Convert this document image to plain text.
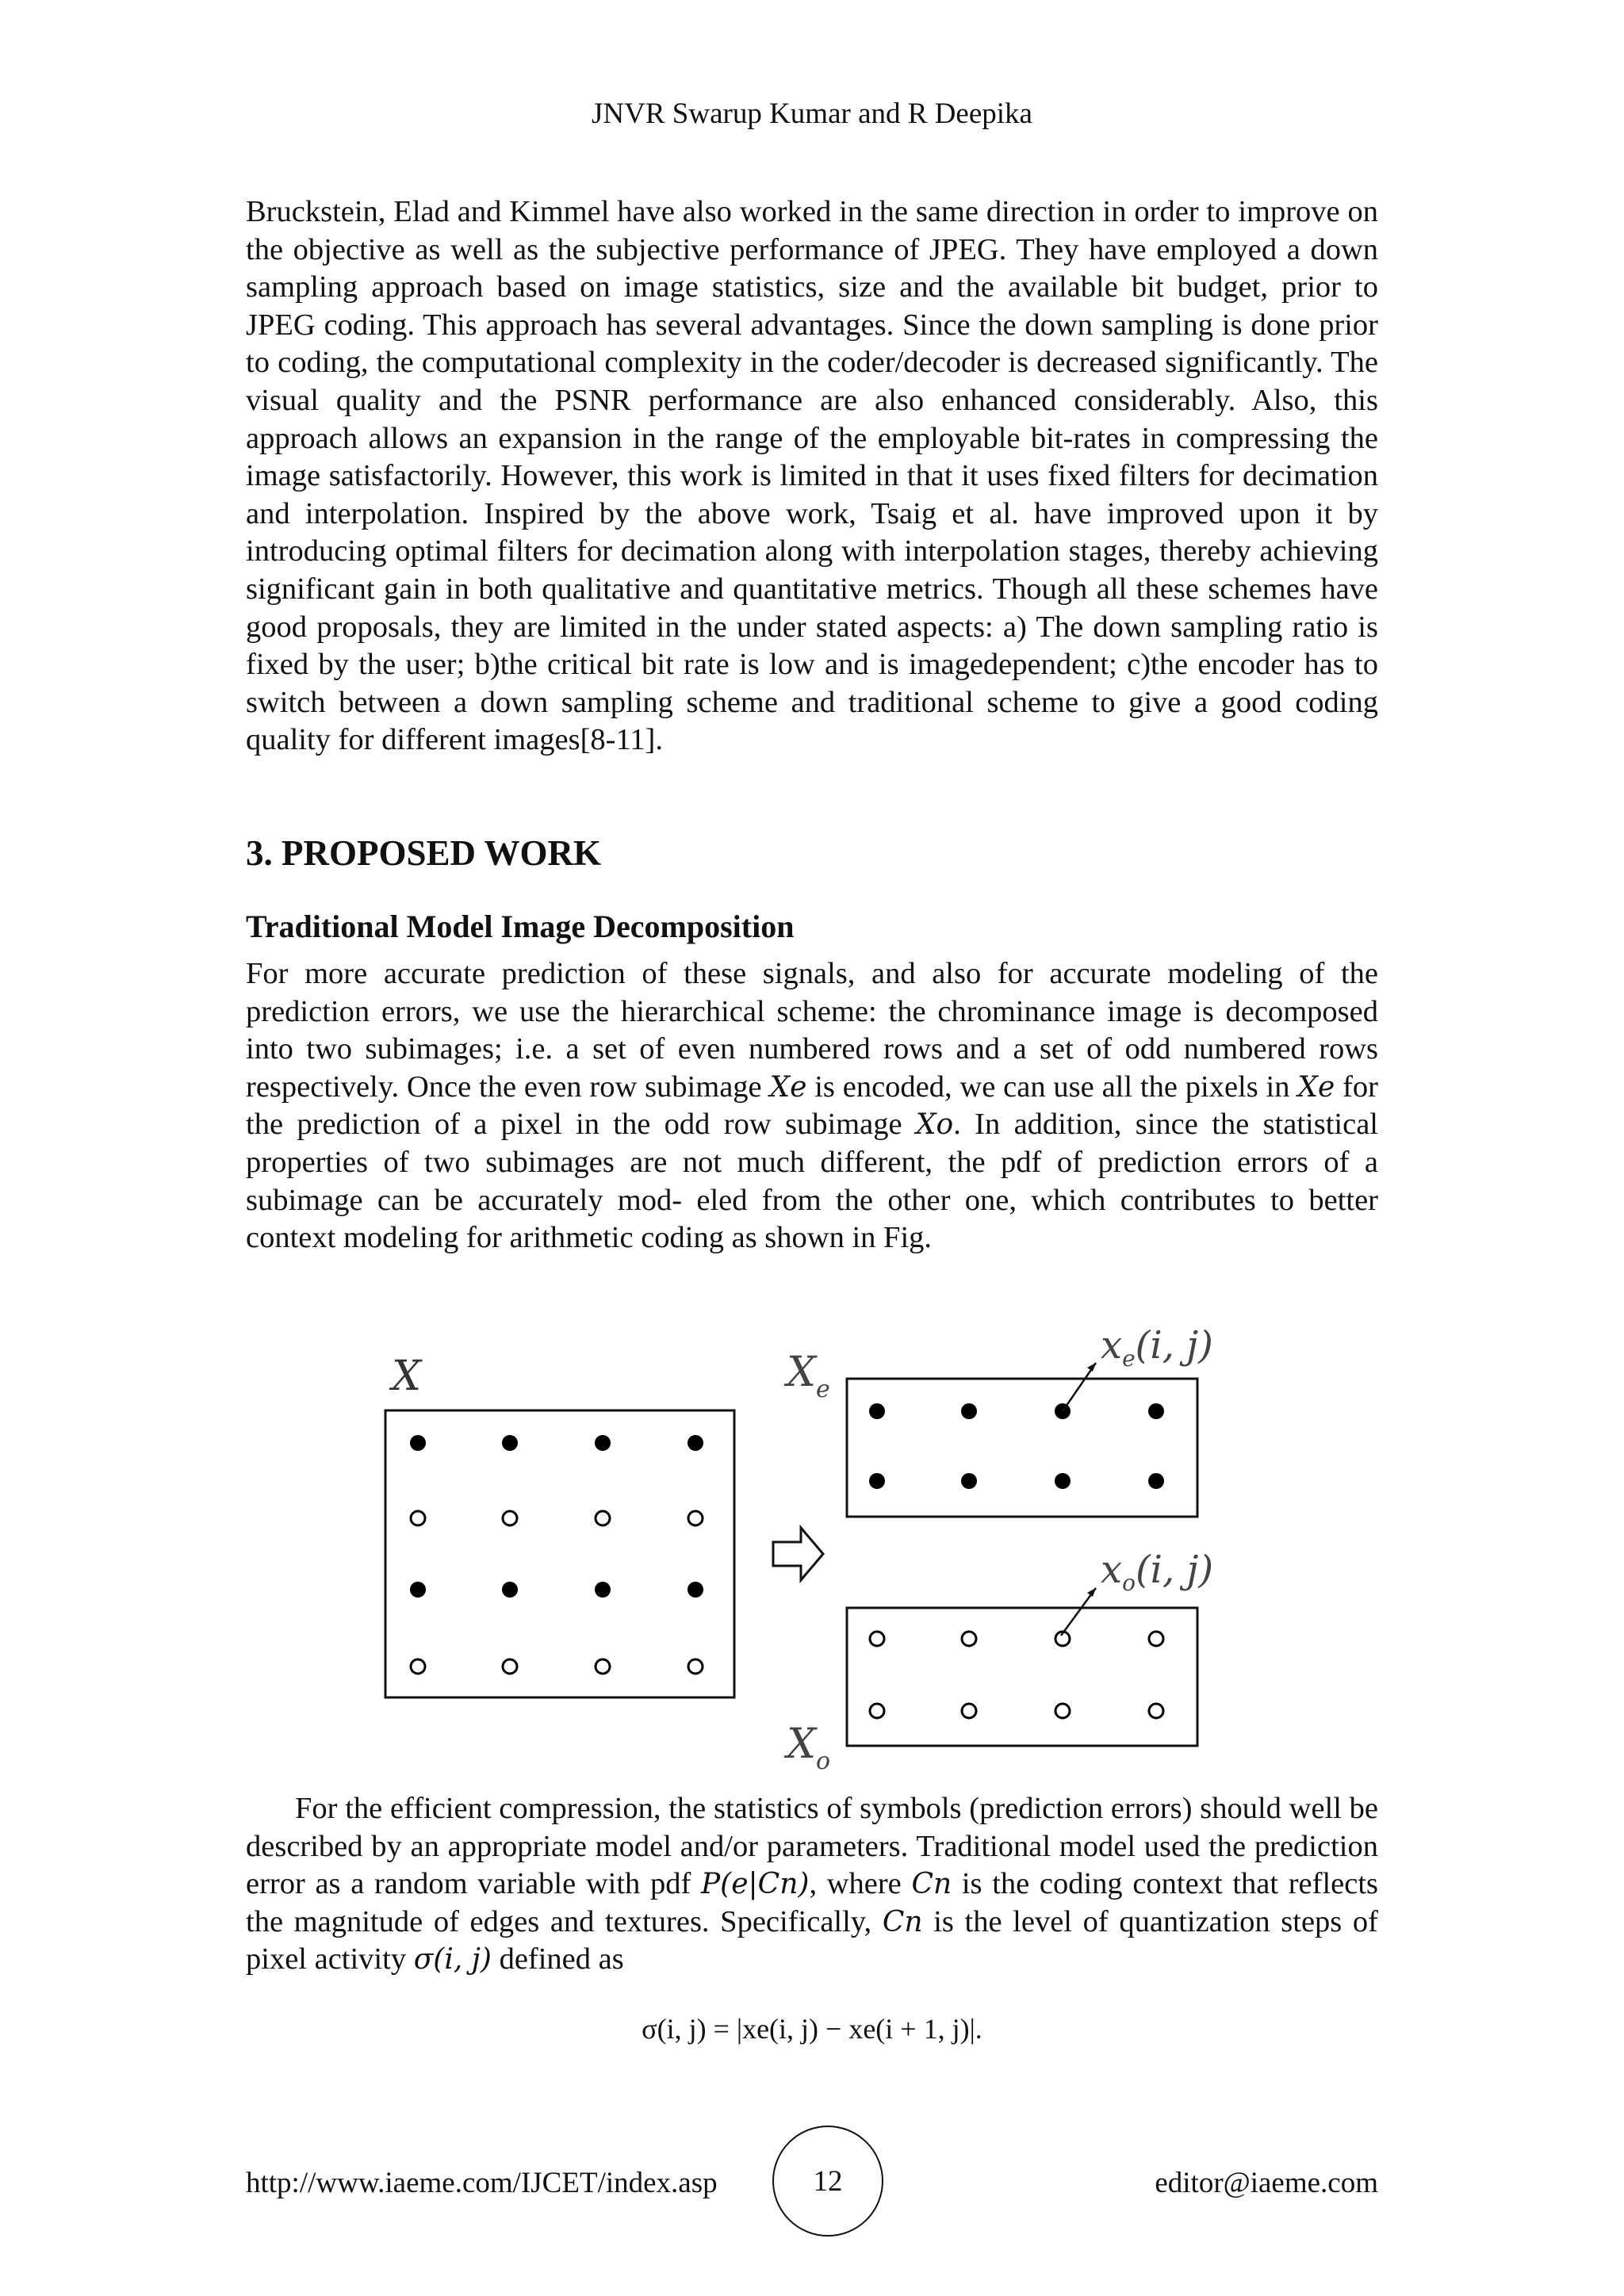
JNVR Swarup Kumar and R Deepika

Bruckstein, Elad and Kimmel have also worked in the same direction in order to improve on the objective as well as the subjective performance of JPEG. They have employed a down sampling approach based on image statistics, size and the available bit budget, prior to JPEG coding. This approach has several advantages. Since the down sampling is done prior to coding, the computational complexity in the coder/decoder is decreased significantly. The visual quality and the PSNR performance are also enhanced considerably. Also, this approach allows an expansion in the range of the employable bit-rates in compressing the image satisfactorily. However, this work is limited in that it uses fixed filters for decimation and interpolation. Inspired by the above work, Tsaig et al. have improved upon it by introducing optimal filters for decimation along with interpolation stages, thereby achieving significant gain in both qualitative and quantitative metrics. Though all these schemes have good proposals, they are limited in the under stated aspects: a) The down sampling ratio is fixed by the user; b)the critical bit rate is low and is imagedependent; c)the encoder has to switch between a down sampling scheme and traditional scheme to give a good coding quality for different images[8-11].

3. PROPOSED WORK
Traditional Model Image Decomposition

For more accurate prediction of these signals, and also for accurate modeling of the prediction errors, we use the hierarchical scheme: the chrominance image is decomposed into two subimages; i.e. a set of even numbered rows and a set of odd numbered rows respectively. Once the even row subimage Xe is encoded, we can use all the pixels in Xe for the prediction of a pixel in the odd row subimage Xo. In addition, since the statistical properties of two subimages are not much different, the pdf of prediction errors of a subimage can be accurately mod- eled from the other one, which contributes to better context modeling for arithmetic coding as shown in Fig.

X	$X_e$
$x_e(i$, j)
$x_o(i$, j)
$X_o$

For the efficient compression, the statistics of symbols (prediction errors) should well be described by an appropriate model and/or parameters. Traditional model used the prediction error as a random variable with pdf P(e|Cn), where Cn is the coding context that reflects the magnitude of edges and textures. Specifically, Cn is the level of quantization steps of pixel activity σ(i, j) defined as

σ(i, j) = |xe(i, j) − xe(i + 1, j)|.
http://www.iaeme.com/IJCET/index.asp	12	editor@iaeme.com
